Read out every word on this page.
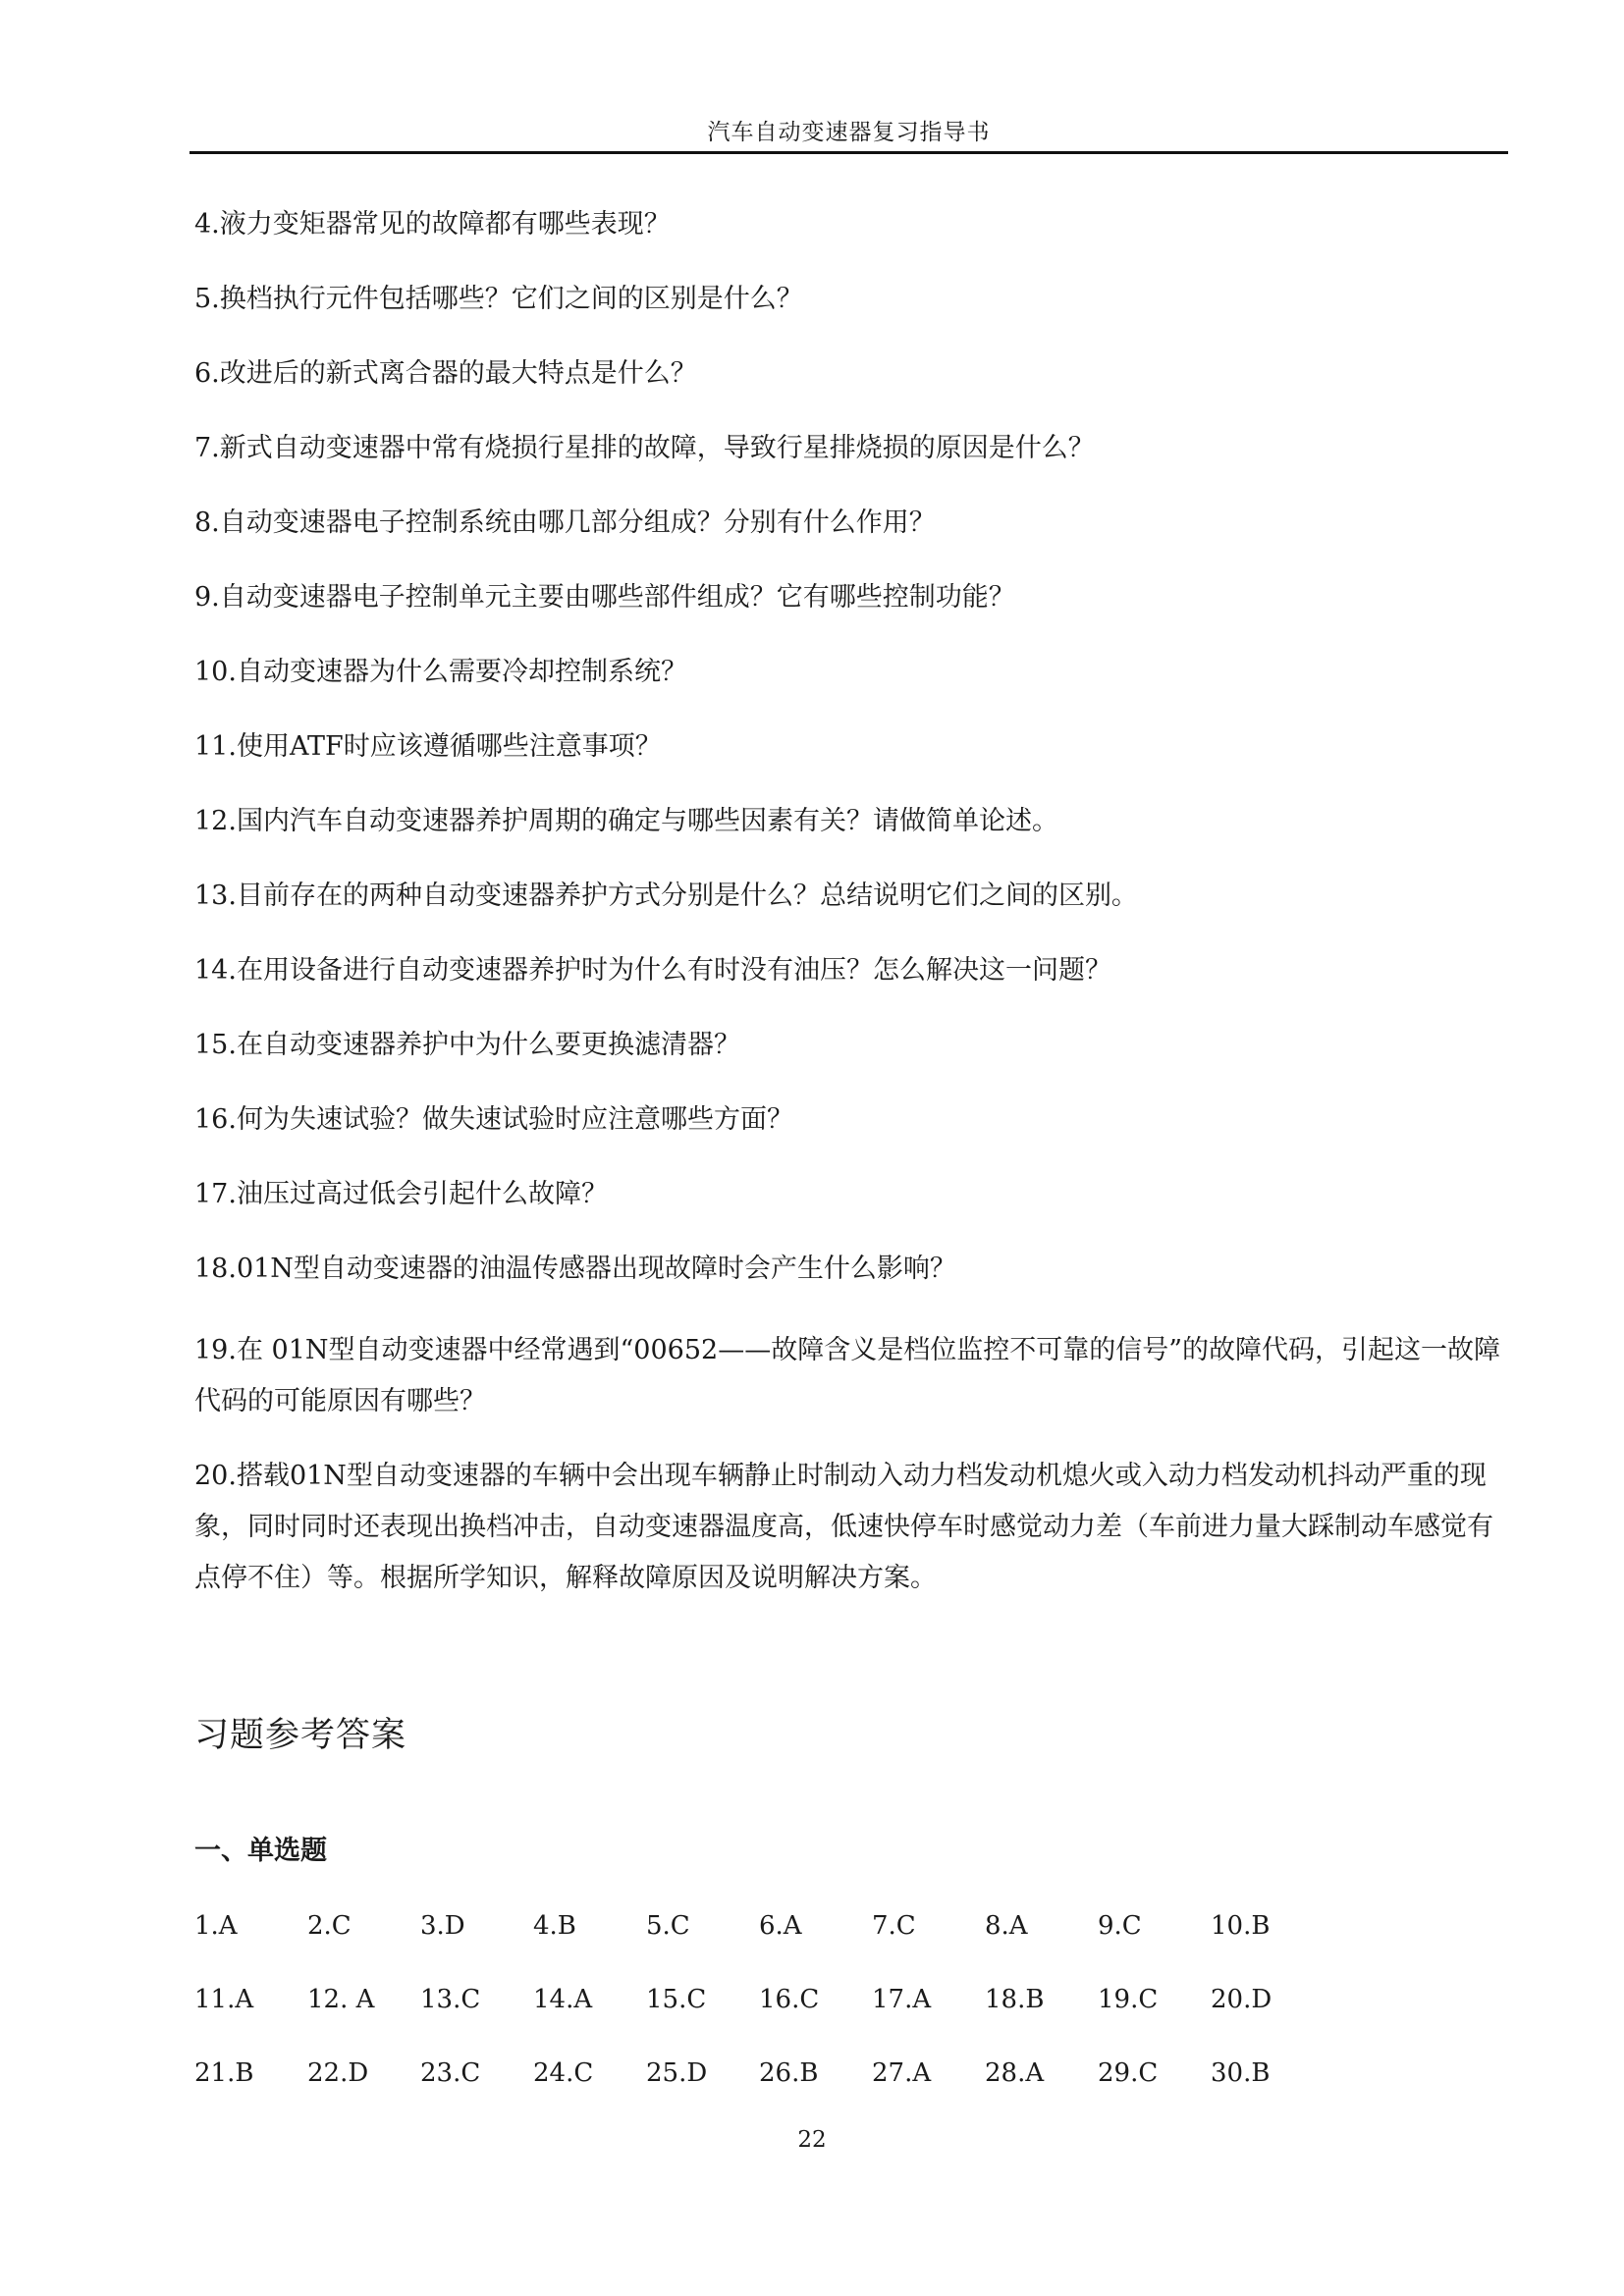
汽车自动变速器复习指导书

4.液力变矩器常见的故障都有哪些表现？

5.换档执行元件包括哪些？它们之间的区别是什么？

6.改进后的新式离合器的最大特点是什么？

7.新式自动变速器中常有烧损行星排的故障，导致行星排烧损的原因是什么？

8.自动变速器电子控制系统由哪几部分组成？分别有什么作用？

9.自动变速器电子控制单元主要由哪些部件组成？它有哪些控制功能？

10.自动变速器为什么需要冷却控制系统？

11.使用ATF时应该遵循哪些注意事项？

12.国内汽车自动变速器养护周期的确定与哪些因素有关？请做简单论述。

13.目前存在的两种自动变速器养护方式分别是什么？总结说明它们之间的区别。

14.在用设备进行自动变速器养护时为什么有时没有油压？怎么解决这一问题？

15.在自动变速器养护中为什么要更换滤清器？

16.何为失速试验？做失速试验时应注意哪些方面？

17.油压过高过低会引起什么故障？

18.01N型自动变速器的油温传感器出现故障时会产生什么影响？

19.在 01N型自动变速器中经常遇到“00652——故障含义是档位监控不可靠的信号”的故障代码，引起这一故障代码的可能原因有哪些？

20.搭载01N型自动变速器的车辆中会出现车辆静止时制动入动力档发动机熄火或入动力档发动机抖动严重的现象，同时同时还表现出换档冲击，自动变速器温度高，低速快停车时感觉动力差（车前进力量大踩制动车感觉有点停不住）等。根据所学知识，解释故障原因及说明解决方案。

习题参考答案
一、单选题
1.A	2.C	3.D	4.B	5.C	6.A	7.C	8.A	9.C	10.B
11.A	12. A	13.C	14.A	15.C	16.C	17.A	18.B	19.C	20.D
21.B	22.D	23.C	24.C	25.D	26.B	27.A	28.A	29.C	30.B
22
